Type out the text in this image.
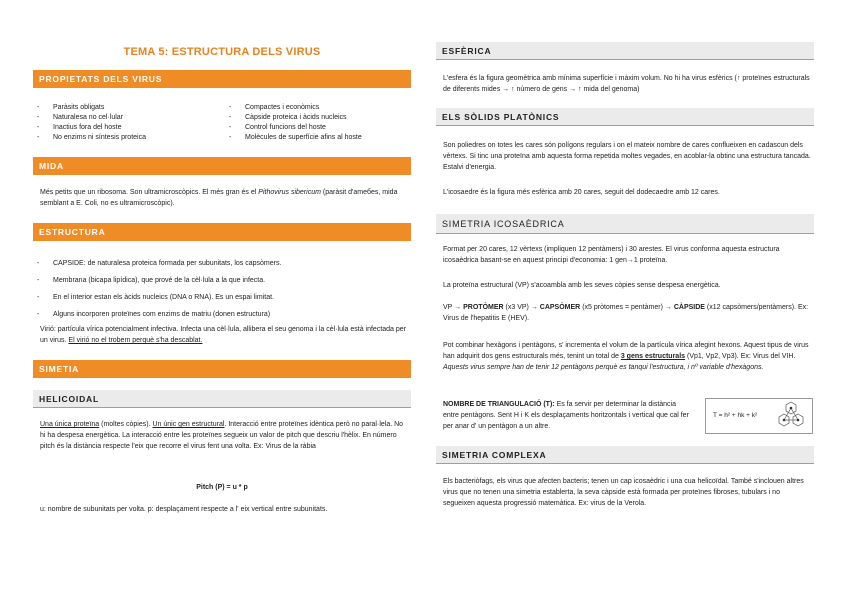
TEMA 5: ESTRUCTURA DELS VIRUS
PROPIETATS DELS VIRUS
- Paràsits obligats
- Naturalesa no cel·lular
- Inactius fora del hoste
- No enzims ni síntesis proteica
- Compactes i econòmics
- Càpside proteica i àcids nucleics
- Control funcions del hoste
- Molècules de superfície afins al hoste
MIDA
Més petits que un ribosoma. Son ultramicroscòpics. El més gran és el Pithovirus sibericum (paràsit d'ameбes, mida semblant a E. Coli, no es ultramicroscòpic).
ESTRUCTURA
- CAPSIDE: de naturalesa proteica formada per subunitats, los capsòmers.
- Membrana (bicapa lipídica), que prové de la cèl·lula a la que infecta.
- En el interior estan els àcids nucleics (DNA o RNA). Es un espai limitat.
- Alguns incorporen proteïnes com enzims de matriu (donen estructura)
Virió: partícula vírica potencialment infectiva. Infecta una cèl·lula, allibera el seu genoma i la cèl·lula està infectada per un virus. El virió no el trobem perquè s'ha descablat.
SIMETIA
HELICOIDAL
Una única proteïna (moltes còpies). Un únic gen estructural. Interacció entre proteïnes idèntica però no paral·lela. No hi ha despesa energètica. La interacció entre les proteïnes segueix un valor de pitch que descriu l'hèlix. En número pitch és la distància respecte l'eix que recorre el virus fent una volta. Ex: Virus de la ràbia
Pitch (P) = u * p
u: nombre de subunitats per volta. p: desplaçament respecte a l' eix vertical entre subunitats.
ESFÈRICA
L'esfera és la figura geomètrica amb mínima superfície i màxim volum. No hi ha virus esfèrics (↑ proteïnes estructurals de diferents mides → ↑ número de gens → ↑ mida del genoma)
ELS SÒLIDS PLATÒNICS
Son poliedres on totes les cares són polígons regulars i on el mateix nombre de cares conflueixen en cadascun dels vèrtexs. Si tinc una proteïna amb aquesta forma repetida moltes vegades, en acoblar-la obtinc una estructura tancada. Estalvi d'energia.
L'icosaedre és la figura més esfèrica amb 20 cares, seguit del dodecaedre amb 12 cares.
SIMETRIA ICOSAÈDRICA
Format per 20 cares, 12 vèrtexs (impliquen 12 pentàmers) i 30 arestes. El virus conforma aquesta estructura icosaèdrica basant-se en aquest principi d'economia: 1 gen→1 proteïna.
La proteïna estructural (VP) s'acoambla amb les seves còpies sense despesa energètica.
VP → PROTÒMER (x3 VP) → CAPSÒMER (x5 pròtomes = pentàmer) → CÀPSIDE (x12 capsòmers/pentàmers). Ex: Virus de l'hepatitis E (HEV).
Pot combinar hexàgons i pentàgons, s' incrementa el volum de la partícula vírica afegint hexons. Aquest tipus de virus han adquirit dos gens estructurals més, tenint un total de 3 gens estructurals (Vp1, Vp2, Vp3). Ex: Virus del VIH. Aquests virus sempre han de tenir 12 pentàgons perquè es tanqui l'estructura, i nº variable d'hexàgons.
NOMBRE DE TRIANGULACIÓ (T): Es fa servir per determinar la distància entre pentàgons. Sent H i K els desplaçaments horitzontals i vertical que cal fer per anar d' un pentàgon a un altre.
T = h² + hk + k²
SIMETRIA COMPLEXA
Els bacteriòfags, els virus que afecten bacteris; tenen un cap icosaèdric i una cua helicoïdal. També s'inclouen altres virus que no tenen una simetria establerta, la seva càpside està formada per proteïnes fibroses, tubulars i no segueixen aquesta progressió matemàtica. Ex: virus de la Verola.
